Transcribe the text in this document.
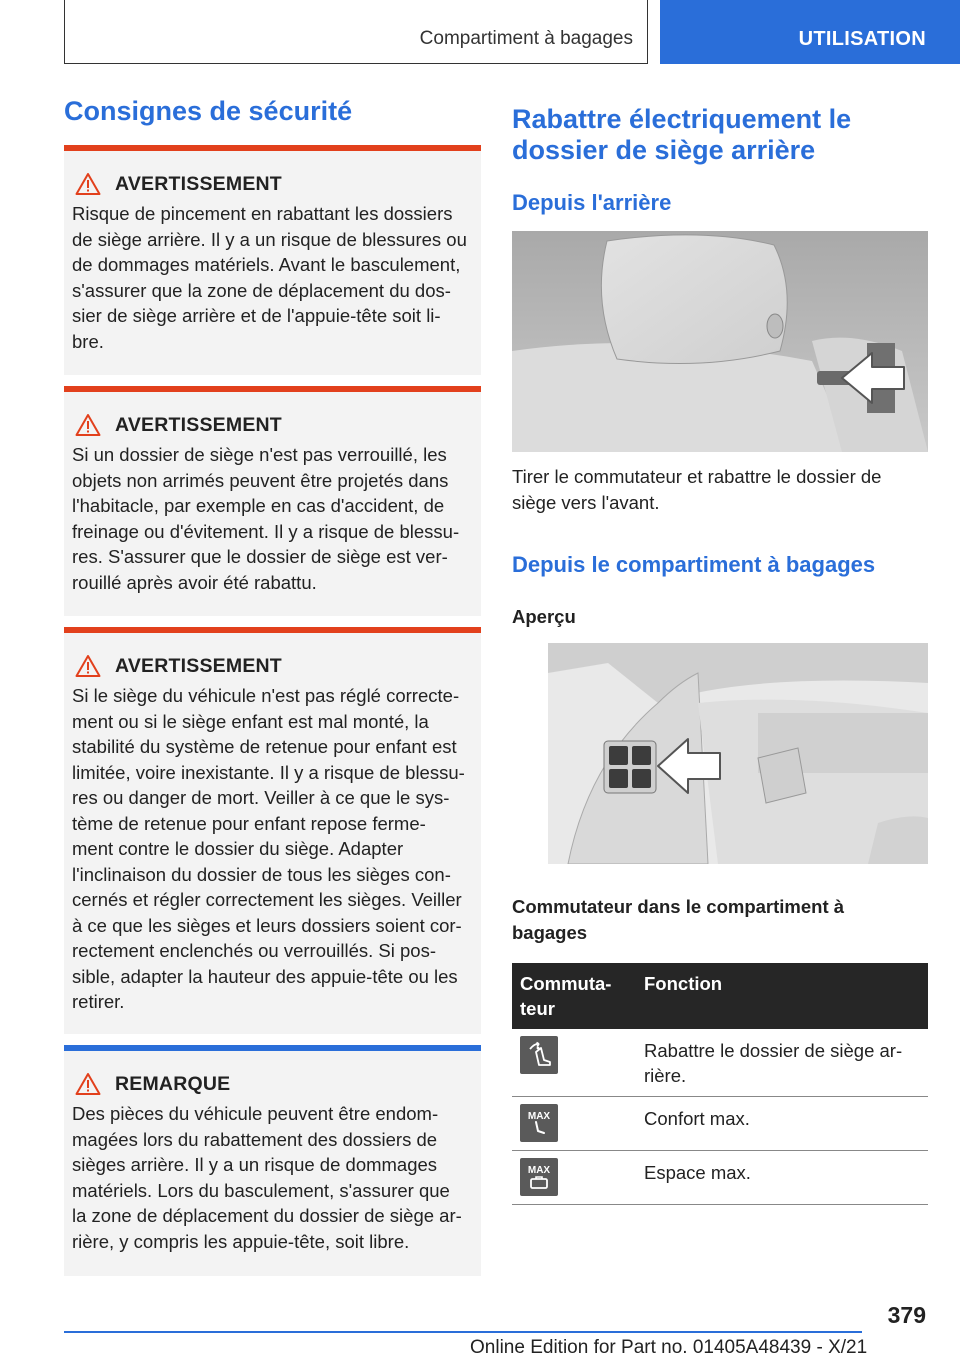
Compartiment à bagages	UTILISATION
Consignes de sécurité
AVERTISSEMENT
Risque de pincement en rabattant les dossiers
de siège arrière. Il y a un risque de blessures ou
de dommages matériels. Avant le basculement,
s'assurer que la zone de déplacement du dos-
sier de siège arrière et de l'appuie-tête soit li-
bre.
AVERTISSEMENT
Si un dossier de siège n'est pas verrouillé, les
objets non arrimés peuvent être projetés dans
l'habitacle, par exemple en cas d'accident, de
freinage ou d'évitement. Il y a risque de blessu-
res. S'assurer que le dossier de siège est ver-
rouillé après avoir été rabattu.
AVERTISSEMENT
Si le siège du véhicule n'est pas réglé correcte-
ment ou si le siège enfant est mal monté, la
stabilité du système de retenue pour enfant est
limitée, voire inexistante. Il y a risque de blessu-
res ou danger de mort. Veiller à ce que le sys-
tème de retenue pour enfant repose ferme-
ment contre le dossier du siège. Adapter
l'inclinaison du dossier de tous les sièges con-
cernés et régler correctement les sièges. Veiller
à ce que les sièges et leurs dossiers soient cor-
rectement enclenchés ou verrouillés. Si pos-
sible, adapter la hauteur des appuie-tête ou les
retirer.
REMARQUE
Des pièces du véhicule peuvent être endom-
magées lors du rabattement des dossiers de
sièges arrière. Il y a un risque de dommages
matériels. Lors du basculement, s'assurer que
la zone de déplacement du dossier de siège ar-
rière, y compris les appuie-tête, soit libre.
Rabattre électriquement le
dossier de siège arrière
Depuis l'arrière
Tirer le commutateur et rabattre le dossier de
siège vers l'avant.
Depuis le compartiment à bagages
Aperçu
Commutateur dans le compartiment à
bagages
Commuta-
teur	Fonction

	Rabattre le dossier de siège ar-
rière.

MAX	Confort max.

MAX	Espace max.
379
Online Edition for Part no. 01405A48439 - X/21
